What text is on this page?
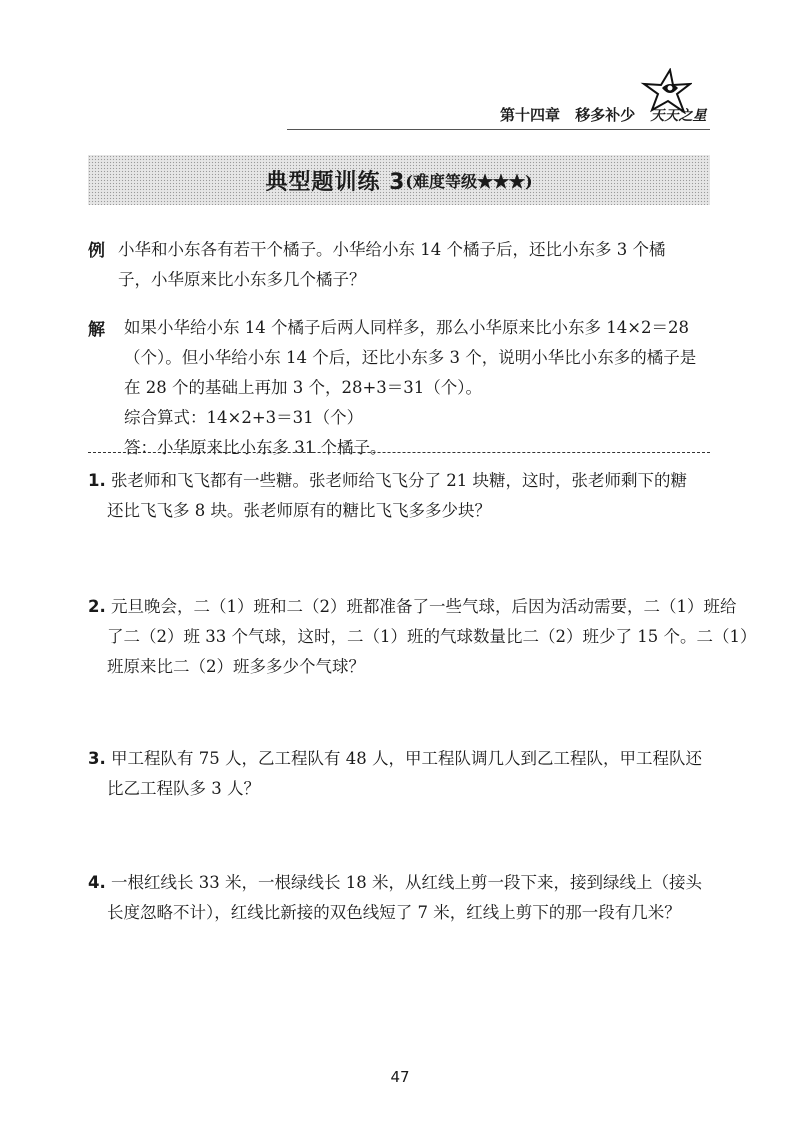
第十四章 移多补少 天天之星
典型题训练 3 (难度等级★★★)
例 小华和小东各有若干个橘子。小华给小东 14 个橘子后，还比小东多 3 个橘
子，小华原来比小东多几个橘子？
解 如果小华给小东 14 个橘子后两人同样多，那么小华原来比小东多 14×2＝28
（个）。但小华给小东 14 个后，还比小东多 3 个，说明小华比小东多的橘子是
在 28 个的基础上再加 3 个，28+3＝31（个）。
综合算式：14×2+3＝31（个）
答：小华原来比小东多 31 个橘子。
1. 张老师和飞飞都有一些糖。张老师给飞飞分了 21 块糖，这时，张老师剩下的糖
还比飞飞多 8 块。张老师原有的糖比飞飞多多少块？
2. 元旦晚会，二（1）班和二（2）班都准备了一些气球，后因为活动需要，二（1）班给
了二（2）班 33 个气球，这时，二（1）班的气球数量比二（2）班少了 15 个。二（1）
班原来比二（2）班多多少个气球？
3. 甲工程队有 75 人，乙工程队有 48 人，甲工程队调几人到乙工程队，甲工程队还
比乙工程队多 3 人？
4. 一根红线长 33 米，一根绿线长 18 米，从红线上剪一段下来，接到绿线上（接头
长度忽略不计），红线比新接的双色线短了 7 米，红线上剪下的那一段有几米？
47
